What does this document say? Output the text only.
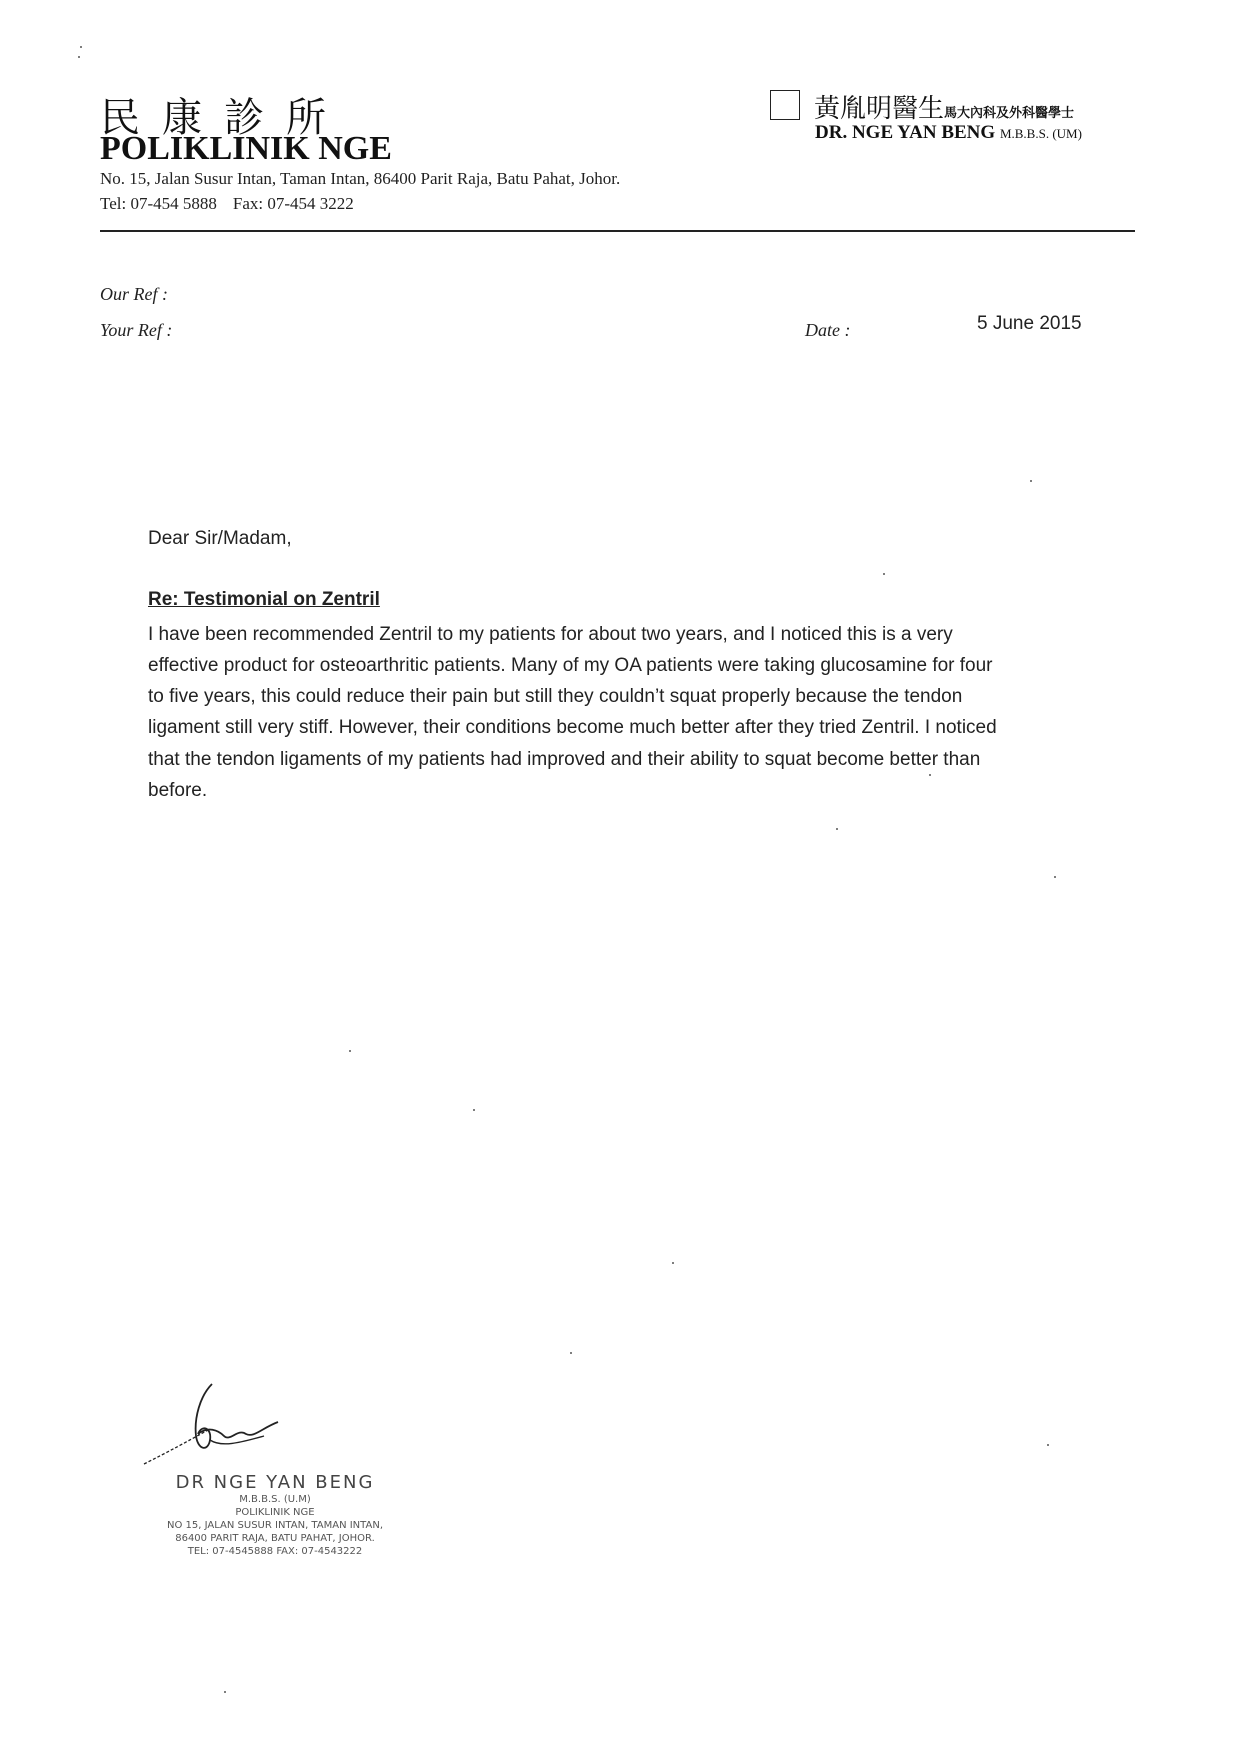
民康診所
POLIKLINIK NGE
No. 15, Jalan Susur Intan, Taman Intan, 86400 Parit Raja, Batu Pahat, Johor.
Tel: 07-454 5888 Fax: 07-454 3222
黃胤明醫生馬大內科及外科醫學士
DR. NGE YAN BENG M.B.B.S. (UM)
Our Ref :
Your Ref :	Date :	5 June 2015
Dear Sir/Madam,
Re: Testimonial on Zentril
I have been recommended Zentril to my patients for about two years, and I noticed this is a very
effective product for osteoarthritic patients. Many of my OA patients were taking glucosamine for four
to five years, this could reduce their pain but still they couldn’t squat properly because the tendon
ligament still very stiff. However, their conditions become much better after they tried Zentril. I noticed
that the tendon ligaments of my patients had improved and their ability to squat become better than
before.
DR NGE YAN BENG
M.B.B.S. (U.M)
POLIKLINIK NGE
NO 15, JALAN SUSUR INTAN, TAMAN INTAN,
86400 PARIT RAJA, BATU PAHAT, JOHOR.
TEL: 07-4545888 FAX: 07-4543222
